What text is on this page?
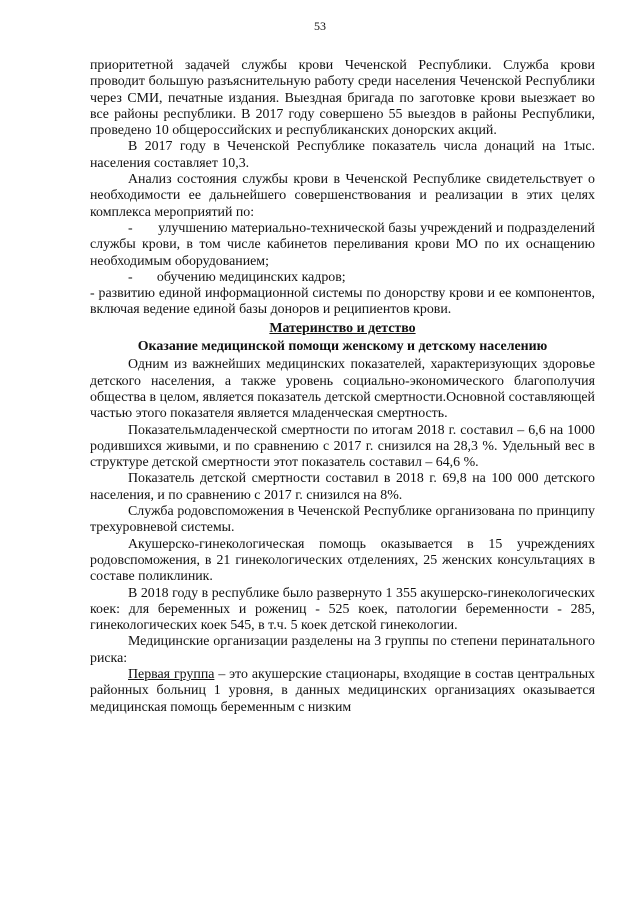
53

приоритетной задачей службы крови Чеченской Республики. Служба крови проводит большую разъяснительную работу среди населения Чеченской Республики через СМИ, печатные издания. Выездная бригада по заготовке крови выезжает во все районы республики. В 2017 году совершено 55 выездов в районы Республики, проведено 10 общероссийских и республиканских донорских акций.

В 2017 году в Чеченской Республике показатель числа донаций на 1тыс. населения составляет 10,3.

Анализ состояния службы крови в Чеченской Республике свидетельствует о необходимости ее дальнейшего совершенствования и реализации в этих целях комплекса мероприятий по:

-       улучшению материально-технической базы учреждений и подразделений службы крови, в том числе кабинетов переливания крови МО по их оснащению необходимым оборудованием;

-       обучению медицинских кадров;

- развитию единой информационной системы по донорству крови и ее компонентов, включая ведение единой базы доноров и реципиентов крови.

Материнство и детство

Оказание медицинской помощи женскому и детскому населению

Одним из важнейших медицинских показателей, характеризующих здоровье детского населения, а также уровень социально-экономического благополучия общества в целом, является показатель детской смертности.Основной составляющей частью этого показателя является младенческая смертность.

Показательмладенческой смертности по итогам 2018 г. составил – 6,6 на 1000 родившихся живыми, и по сравнению с 2017 г. снизился на 28,3 %. Удельный вес в структуре детской смертности этот показатель составил – 64,6 %.

Показатель детской смертности составил в 2018 г. 69,8 на 100 000 детского населения, и по сравнению с 2017 г. снизился на 8%.

Служба родовспоможения в Чеченской Республике организована по принципу трехуровневой системы.

Акушерско-гинекологическая помощь оказывается в 15 учреждениях родовспоможения, в 21 гинекологических отделениях, 25 женских консультациях в составе поликлиник.

В 2018 году в республике было развернуто 1 355 акушерско-гинекологических коек: для беременных и рожениц - 525 коек, патологии беременности - 285, гинекологических коек 545, в т.ч. 5 коек детской гинекологии.

Медицинские организации разделены на 3 группы по степени перинатального риска:

Первая группа – это акушерские стационары, входящие в состав центральных районных больниц 1 уровня, в данных медицинских организациях оказывается медицинская помощь беременным с низким
